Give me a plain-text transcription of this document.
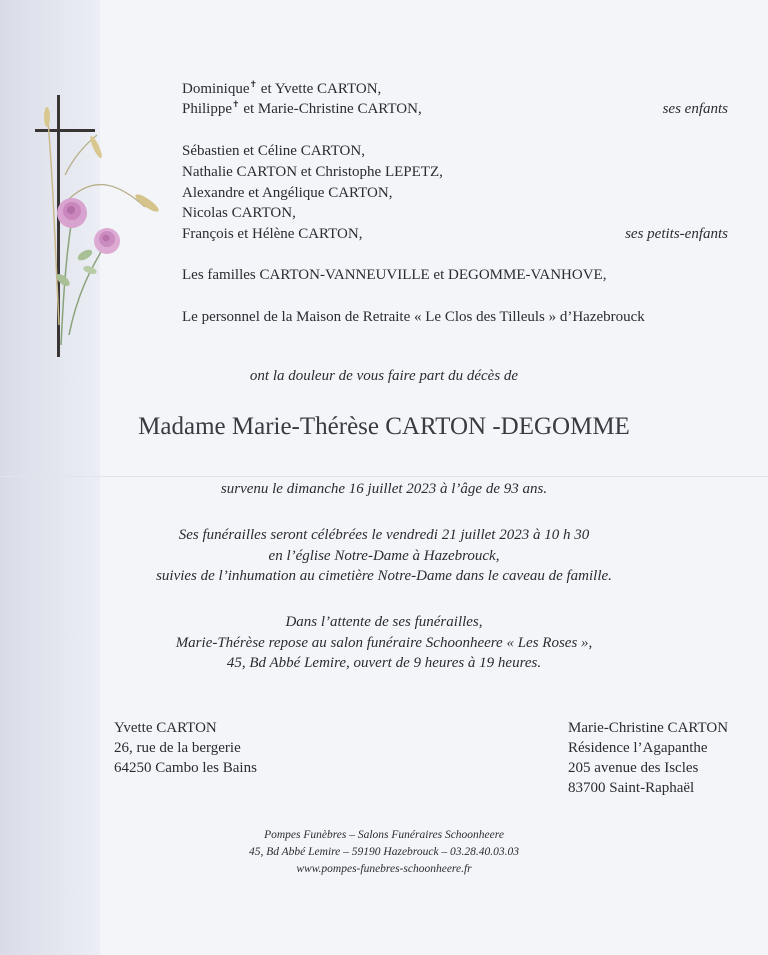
Dominique✝ et Yvette CARTON,
Philippe✝ et Marie-Christine CARTON,	ses enfants
Sébastien et Céline CARTON,
Nathalie CARTON et Christophe LEPETZ,
Alexandre et Angélique CARTON,
Nicolas CARTON,
François et Hélène CARTON,	ses petits-enfants
Les familles CARTON-VANNEUVILLE et DEGOMME-VANHOVE,
Le personnel de la Maison de Retraite « Le Clos des Tilleuls » d’Hazebrouck
ont la douleur de vous faire part du décès de
Madame Marie-Thérèse CARTON -DEGOMME
survenu le dimanche 16 juillet 2023 à l’âge de 93 ans.
Ses funérailles seront célébrées le vendredi 21 juillet 2023 à 10 h 30
en l’église Notre-Dame à Hazebrouck,
suivies de l’inhumation au cimetière Notre-Dame dans le caveau de famille.
Dans l’attente de ses funérailles,
Marie-Thérèse repose au salon funéraire Schoonheere « Les Roses »,
45, Bd Abbé Lemire, ouvert de 9 heures à 19 heures.
Yvette CARTON
26, rue de la bergerie
64250 Cambo les Bains
Marie-Christine CARTON
Résidence l’Agapanthe
205 avenue des Iscles
83700 Saint-Raphaël
Pompes Funèbres – Salons Funéraires Schoonheere
45, Bd Abbé Lemire – 59190 Hazebrouck – 03.28.40.03.03
www.pompes-funebres-schoonheere.fr
